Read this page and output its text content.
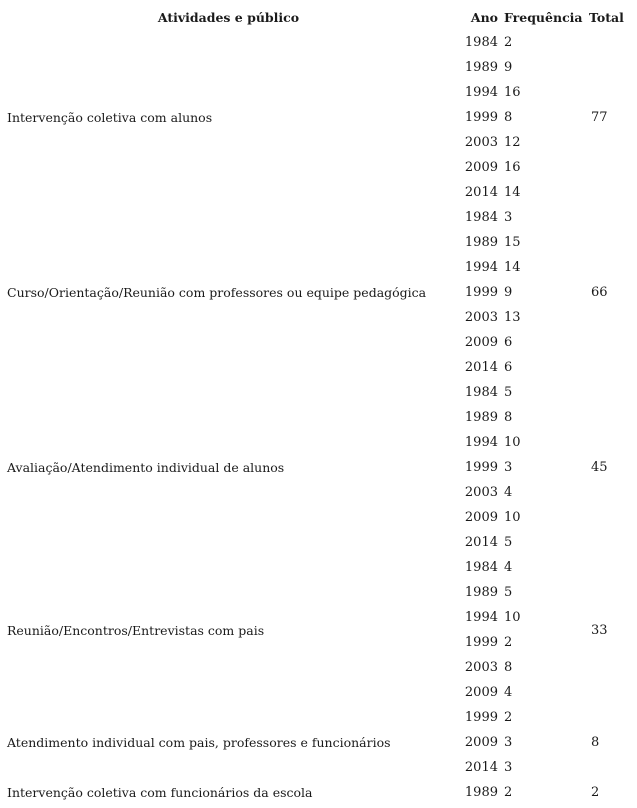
Atividades e público	Ano	Frequência	Total
Intervenção coletiva com alunos	1984	2	77
	1989	9	
	1994	16	
	1999	8	
	2003	12	
	2009	16	
	2014	14	
Curso/Orientação/Reunião com professores ou equipe pedagógica	1984	3	66
	1989	15	
	1994	14	
	1999	9	
	2003	13	
	2009	6	
	2014	6	
Avaliação/Atendimento individual de alunos	1984	5	45
	1989	8	
	1994	10	
	1999	3	
	2003	4	
	2009	10	
	2014	5	
Reunião/Encontros/Entrevistas com pais	1984	4	33
	1989	5	
	1994	10	
	1999	2	
	2003	8	
	2009	4	
Atendimento individual com pais, professores e funcionários	1999	2	8
	2009	3	
	2014	3	
Intervenção coletiva com funcionários da escola	1989	2	2
